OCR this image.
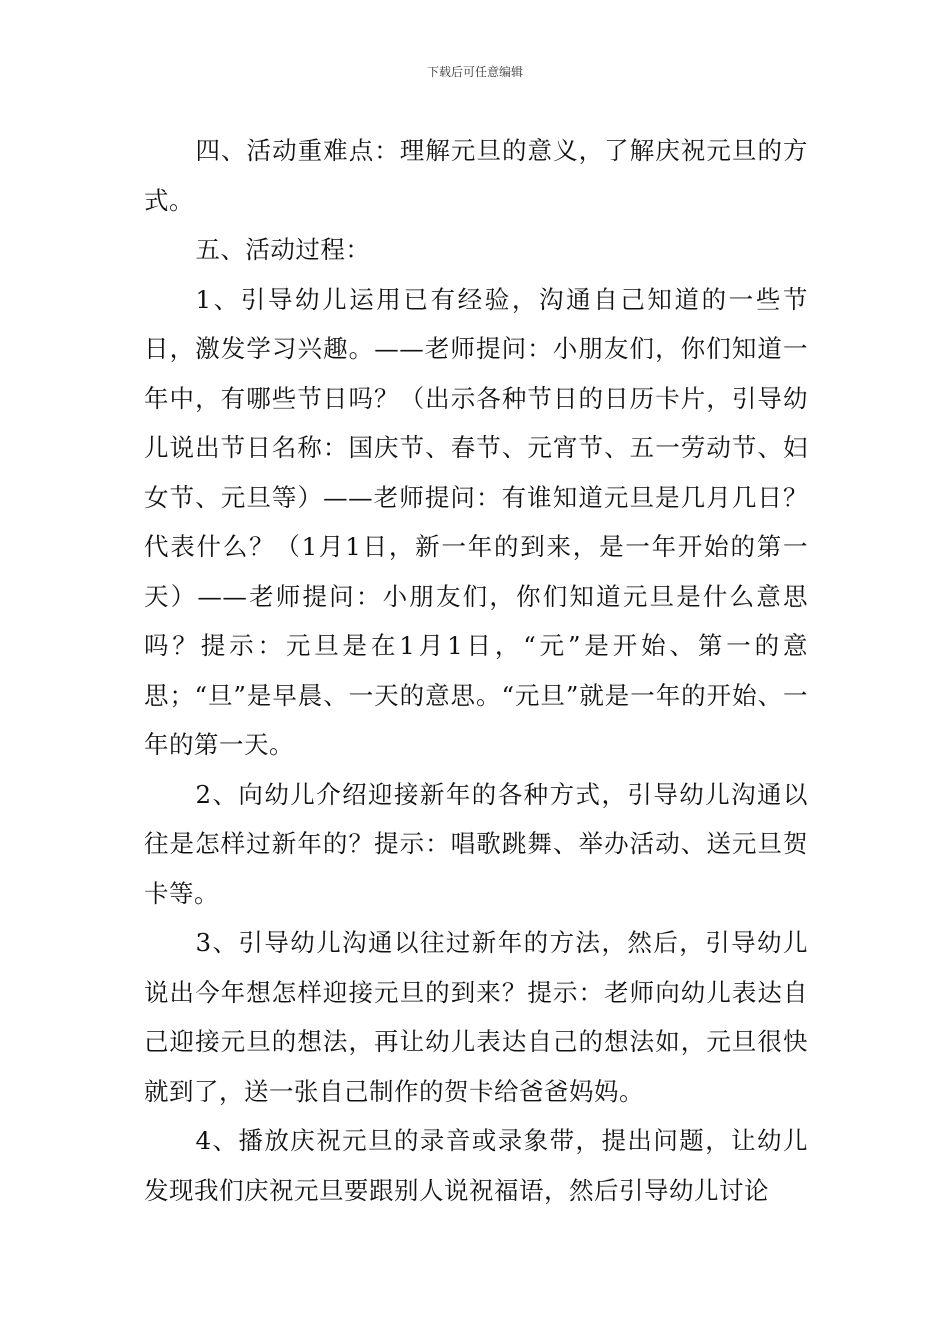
下载后可任意编辑

四、活动重难点：理解元旦的意义，了解庆祝元旦的方式。

五、活动过程：

1、引导幼儿运用已有经验，沟通自己知道的一些节日，激发学习兴趣。——老师提问：小朋友们，你们知道一年中，有哪些节日吗？（出示各种节日的日历卡片，引导幼儿说出节日名称：国庆节、春节、元宵节、五一劳动节、妇女节、元旦等）——老师提问：有谁知道元旦是几月几日？代表什么？（1月1日，新一年的到来，是一年开始的第一天）——老师提问：小朋友们，你们知道元旦是什么意思吗？提示：元旦是在1月1日，“元”是开始、第一的意思；“旦”是早晨、一天的意思。“元旦”就是一年的开始、一年的第一天。

2、向幼儿介绍迎接新年的各种方式，引导幼儿沟通以往是怎样过新年的？提示：唱歌跳舞、举办活动、送元旦贺卡等。

3、引导幼儿沟通以往过新年的方法，然后，引导幼儿说出今年想怎样迎接元旦的到来？提示：老师向幼儿表达自己迎接元旦的想法，再让幼儿表达自己的想法如，元旦很快就到了，送一张自己制作的贺卡给爸爸妈妈。

4、播放庆祝元旦的录音或录象带，提出问题，让幼儿发现我们庆祝元旦要跟别人说祝福语，然后引导幼儿讨论
